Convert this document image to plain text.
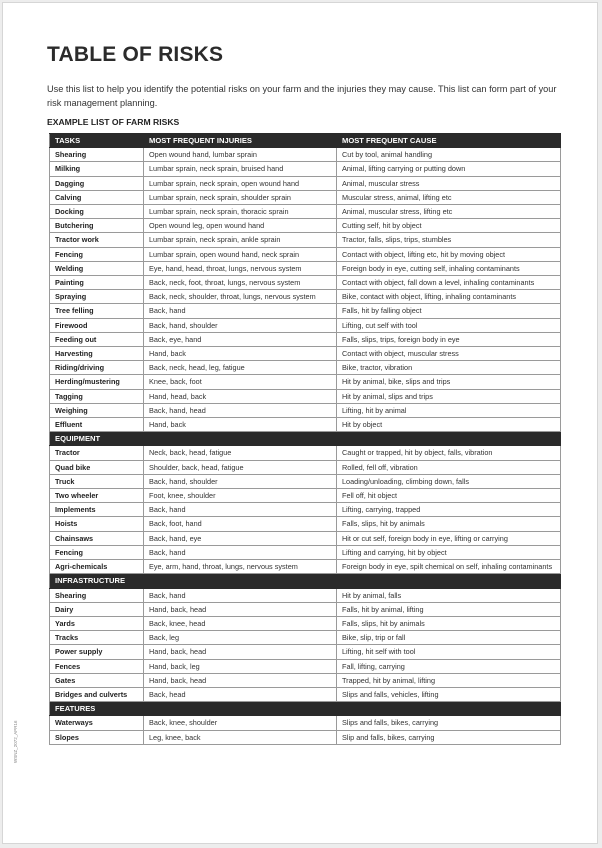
TABLE OF RISKS

Use this list to help you identify the potential risks on your farm and the injuries they may cause. This list can form part of your risk management planning.

EXAMPLE LIST OF FARM RISKS
WSNZ_2072_APR16
TASKS	MOST FREQUENT INJURIES	MOST FREQUENT CAUSE
Shearing	Open wound hand, lumbar sprain	Cut by tool, animal handling
Milking	Lumbar sprain, neck sprain, bruised hand	Animal, lifting carrying or putting down
Dagging	Lumbar sprain, neck sprain, open wound hand	Animal, muscular stress
Calving	Lumbar sprain, neck sprain, shoulder sprain	Muscular stress, animal, lifting etc
Docking	Lumbar sprain, neck sprain, thoracic sprain	Animal, muscular stress, lifting etc
Butchering	Open wound leg, open wound hand	Cutting self, hit by object
Tractor work	Lumbar sprain, neck sprain, ankle sprain	Tractor, falls, slips, trips, stumbles
Fencing	Lumbar sprain, open wound hand, neck sprain	Contact with object, lifting etc, hit by moving object
Welding	Eye, hand, head, throat, lungs, nervous system	Foreign body in eye, cutting self, inhaling contaminants
Painting	Back, neck, foot, throat, lungs, nervous system	Contact with object, fall down a level, inhaling contaminants
Spraying	Back, neck, shoulder, throat, lungs, nervous system	Bike, contact with object, lifting, inhaling contaminants
Tree felling	Back, hand	Falls, hit by falling object
Firewood	Back, hand, shoulder	Lifting, cut self with tool
Feeding out	Back, eye, hand	Falls, slips, trips, foreign body in eye
Harvesting	Hand, back	Contact with object, muscular stress
Riding/driving	Back, neck, head, leg, fatigue	Bike, tractor, vibration
Herding/mustering	Knee, back, foot	Hit by animal, bike, slips and trips
Tagging	Hand, head, back	Hit by animal, slips and trips
Weighing	Back, hand, head	Lifting, hit by animal
Effluent	Hand, back	Hit by object
EQUIPMENT		
Tractor	Neck, back, head, fatigue	Caught or trapped, hit by object, falls, vibration
Quad bike	Shoulder, back, head, fatigue	Rolled, fell off, vibration
Truck	Back, hand, shoulder	Loading/unloading, climbing down, falls
Two wheeler	Foot, knee, shoulder	Fell off, hit object
Implements	Back, hand	Lifting, carrying, trapped
Hoists	Back, foot, hand	Falls, slips, hit by animals
Chainsaws	Back, hand, eye	Hit or cut self, foreign body in eye, lifting or carrying
Fencing	Back, hand	Lifting and carrying, hit by object
Agri-chemicals	Eye, arm, hand, throat, lungs, nervous system	Foreign body in eye, spilt chemical on self, inhaling contaminants
INFRASTRUCTURE		
Shearing	Back, hand	Hit by animal, falls
Dairy	Hand, back, head	Falls, hit by animal, lifting
Yards	Back, knee, head	Falls, slips, hit by animals
Tracks	Back, leg	Bike, slip, trip or fall
Power supply	Hand, back, head	Lifting, hit self with tool
Fences	Hand, back, leg	Fall, lifting, carrying
Gates	Hand, back, head	Trapped, hit by animal, lifting
Bridges and culverts	Back, head	Slips and falls, vehicles, lifting
FEATURES		
Waterways	Back, knee, shoulder	Slips and falls, bikes, carrying
Slopes	Leg, knee, back	Slip and falls, bikes, carrying
